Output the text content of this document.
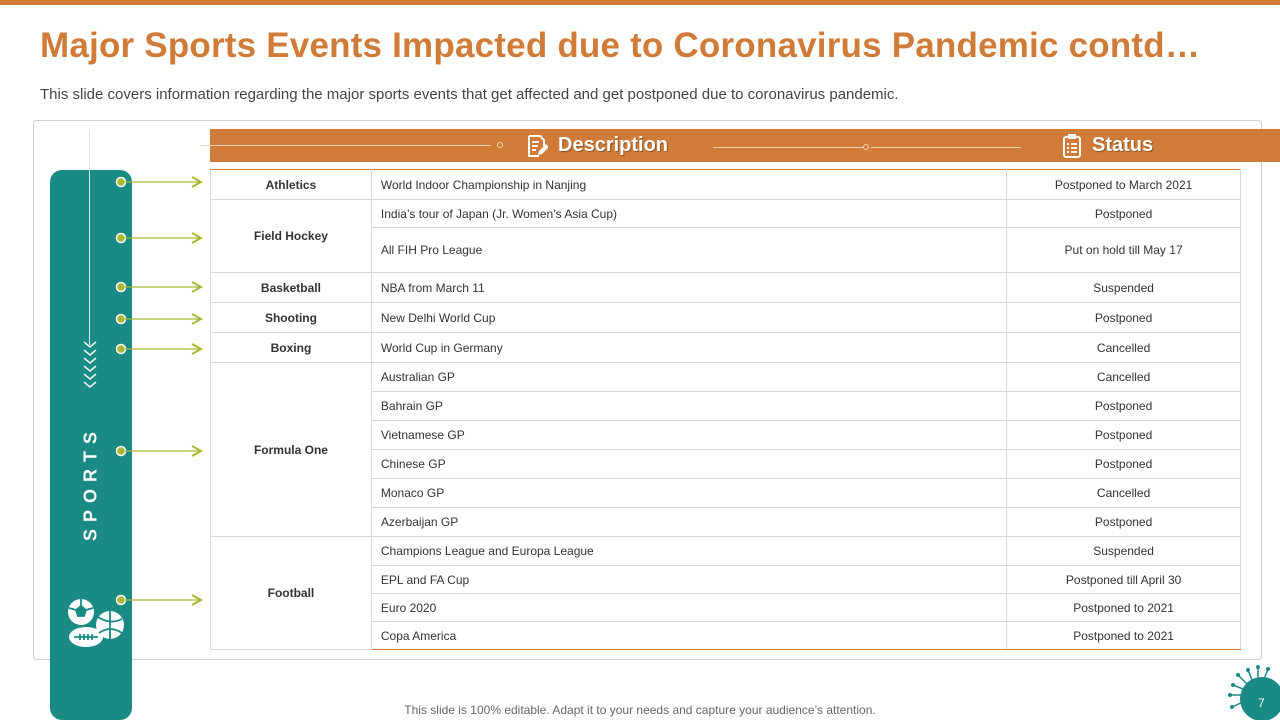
Major Sports Events Impacted due to Coronavirus Pandemic contd…

This slide covers information regarding the major sports events that get affected and get postponed due to coronavirus pandemic.

SPORTS
Description	Status
Athletics	World Indoor Championship in Nanjing	Postponed to March 2021
Field Hockey	India’s tour of Japan (Jr. Women’s Asia Cup)	Postponed
	All FIH Pro League	Put on hold till May 17
Basketball	NBA from March 11	Suspended
Shooting	New Delhi World Cup	Postponed
Boxing	World Cup in Germany	Cancelled
Formula One	Australian GP	Cancelled
	Bahrain GP	Postponed
	Vietnamese GP	Postponed
	Chinese GP	Postponed
	Monaco GP	Cancelled
	Azerbaijan GP	Postponed
Football	Champions League and Europa League	Suspended
	EPL and FA Cup	Postponed till April 30
	Euro 2020	Postponed to 2021
	Copa America	Postponed to 2021
This slide is 100% editable. Adapt it to your needs and capture your audience’s attention.	7
